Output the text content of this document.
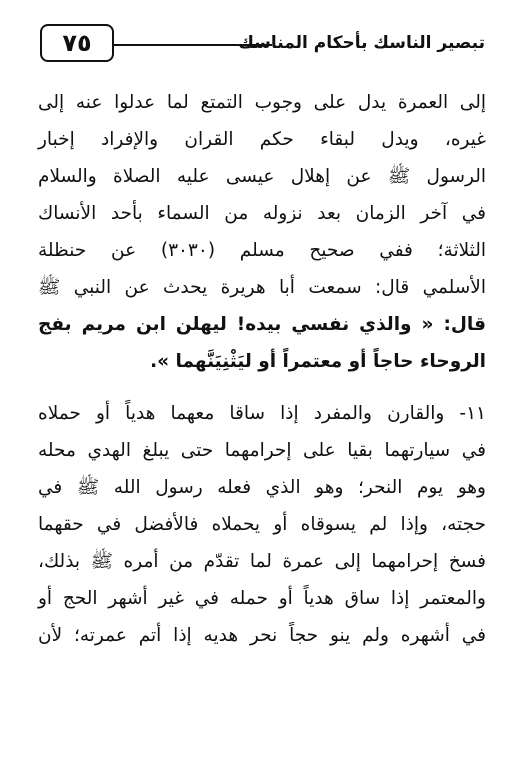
٧٥	تبصير الناسك بأحكام المناسك
إلى العمرة يدل على وجوب التمتع لما عدلوا عنه إلى
غيره، ويدل لبقاء حكم القران والإفراد إخبار
الرسول ﷺ عن إهلال عيسى عليه الصلاة والسلام
في آخر الزمان بعد نزوله من السماء بأحد الأنساك
الثلاثة؛ ففي صحيح مسلم (٣٠٣٠) عن حنظلة
الأسلمي قال: سمعت أبا هريرة يحدث عن النبي ﷺ
قال: « والذي نفسي بيده! ليهلن ابن مريم بفج
الروحاء حاجاً أو معتمراً أو ليَثْنِيَنَّهما ».
١١- والقارن والمفرد إذا ساقا معهما هدياً أو حملاه
في سيارتهما بقيا على إحرامهما حتى يبلغ الهدي محله
وهو يوم النحر؛ وهو الذي فعله رسول الله ﷺ في
حجته، وإذا لم يسوقاه أو يحملاه فالأفضل في حقهما
فسخ إحرامهما إلى عمرة لما تقدّم من أمره ﷺ بذلك،
والمعتمر إذا ساق هدياً أو حمله في غير أشهر الحج أو
في أشهره ولم ينو حجاً نحر هديه إذا أتم عمرته؛ لأن
